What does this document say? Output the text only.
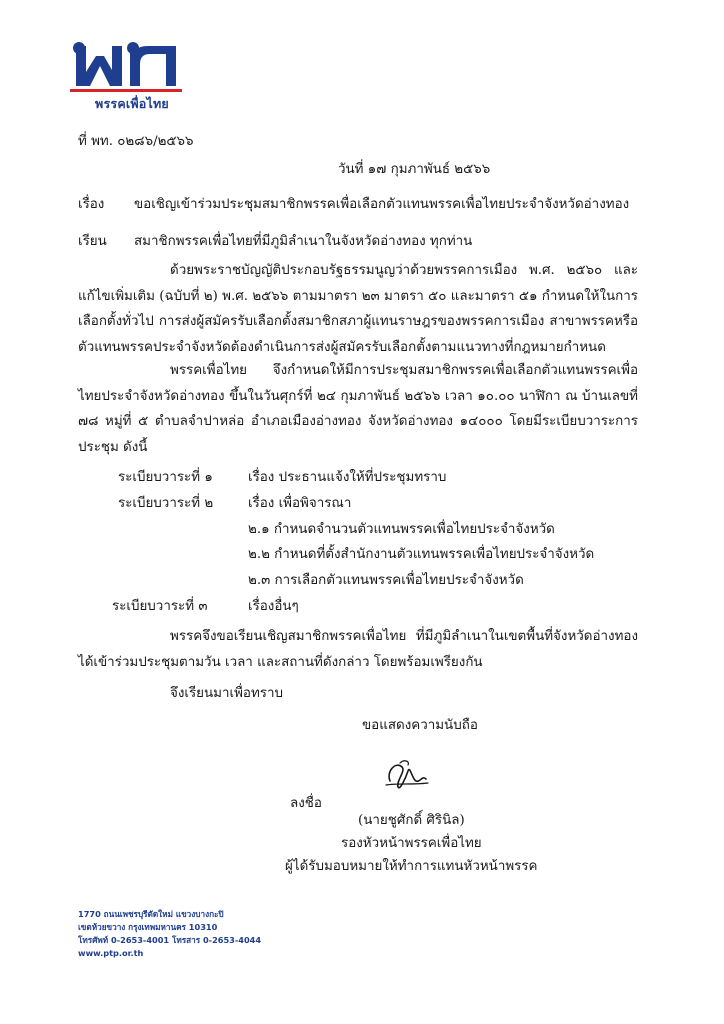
พรรคเพื่อไทย
ที่ พท. ๐๒๘๖/๒๕๖๖
วันที่ ๑๗ กุมภาพันธ์ ๒๕๖๖
เรื่อง ขอเชิญเข้าร่วมประชุมสมาชิกพรรคเพื่อเลือกตัวแทนพรรคเพื่อไทยประจำจังหวัดอ่างทอง
เรียน สมาชิกพรรคเพื่อไทยที่มีภูมิลำเนาในจังหวัดอ่างทอง ทุกท่าน
ด้วยพระราชบัญญัติประกอบรัฐธรรมนูญว่าด้วยพรรคการเมือง พ.ศ. ๒๕๖๐ และแก้ไขเพิ่มเติม (ฉบับที่ ๒) พ.ศ. ๒๕๖๖ ตามมาตรา ๒๓ มาตรา ๕๐ และมาตรา ๕๑ กำหนดให้ในการเลือกตั้งทั่วไป การส่งผู้สมัครรับเลือกตั้งสมาชิกสภาผู้แทนราษฎรของพรรคการเมือง สาขาพรรคหรือตัวแทนพรรคประจำจังหวัดต้องดำเนินการส่งผู้สมัครรับเลือกตั้งตามแนวทางที่กฎหมายกำหนด
พรรคเพื่อไทย จึงกำหนดให้มีการประชุมสมาชิกพรรคเพื่อเลือกตัวแทนพรรคเพื่อไทยประจำจังหวัดอ่างทอง ขึ้นในวันศุกร์ที่ ๒๔ กุมภาพันธ์ ๒๕๖๖ เวลา ๑๐.๐๐ นาฬิกา ณ บ้านเลขที่ ๗๘ หมู่ที่ ๕ ตำบลจำปาหล่อ อำเภอเมืองอ่างทอง จังหวัดอ่างทอง ๑๔๐๐๐ โดยมีระเบียบวาระการประชุม ดังนี้
ระเบียบวาระที่ ๑	เรื่อง ประธานแจ้งให้ที่ประชุมทราบ
ระเบียบวาระที่ ๒	เรื่อง เพื่อพิจารณา
๒.๑ กำหนดจำนวนตัวแทนพรรคเพื่อไทยประจำจังหวัด
๒.๒ กำหนดที่ตั้งสำนักงานตัวแทนพรรคเพื่อไทยประจำจังหวัด
๒.๓ การเลือกตัวแทนพรรคเพื่อไทยประจำจังหวัด
ระเบียบวาระที่ ๓	เรื่องอื่นๆ
พรรคจึงขอเรียนเชิญสมาชิกพรรคเพื่อไทย ที่มีภูมิลำเนาในเขตพื้นที่จังหวัดอ่างทองได้เข้าร่วมประชุมตามวัน เวลา และสถานที่ดังกล่าว โดยพร้อมเพรียงกัน
จึงเรียนมาเพื่อทราบ
ขอแสดงความนับถือ
ลงชื่อ
(นายชูศักดิ์ ศิรินิล)
รองหัวหน้าพรรคเพื่อไทย
ผู้ได้รับมอบหมายให้ทำการแทนหัวหน้าพรรค
1770 ถนนเพชรบุรีตัดใหม่ แขวงบางกะปิ
เขตห้วยขวาง กรุงเทพมหานคร 10310
โทรศัพท์ 0-2653-4001 โทรสาร 0-2653-4044
www.ptp.or.th
